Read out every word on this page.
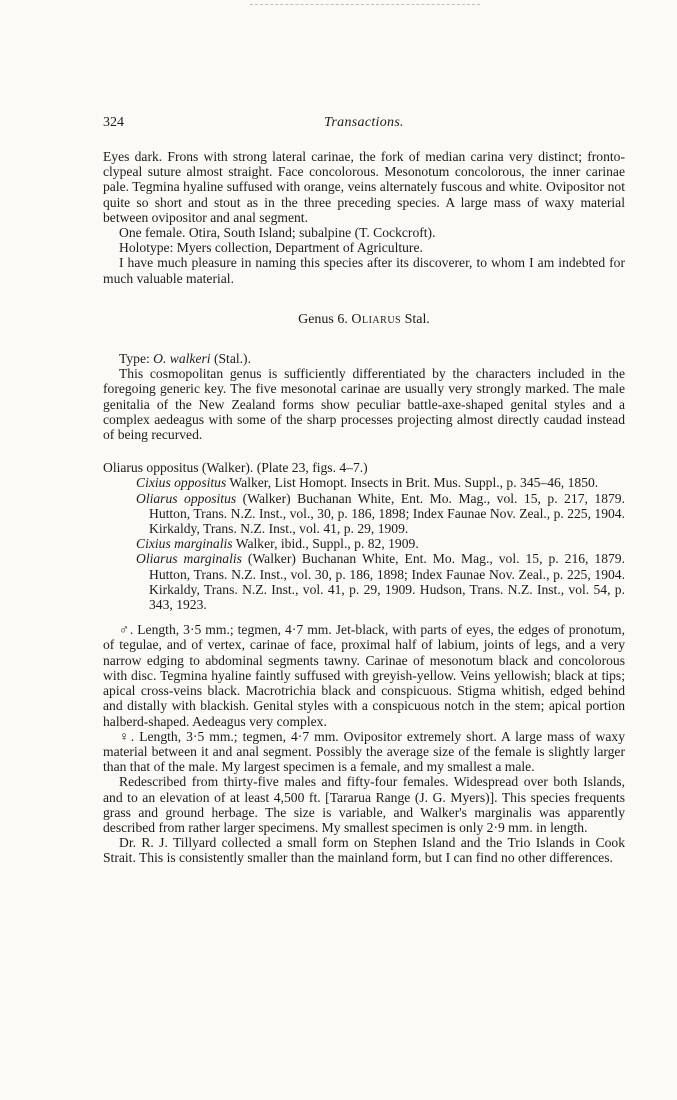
324	Transactions.

Eyes dark. Frons with strong lateral carinae, the fork of median carina very distinct; fronto-clypeal suture almost straight. Face concolorous. Mesonotum concolorous, the inner carinae pale. Tegmina hyaline suffused with orange, veins alternately fuscous and white. Ovipositor not quite so short and stout as in the three preceding species. A large mass of waxy material between ovipositor and anal segment.

One female. Otira, South Island; subalpine (T. Cockcroft).

Holotype: Myers collection, Department of Agriculture.

I have much pleasure in naming this species after its discoverer, to whom I am indebted for much valuable material.

Genus 6. Oliarus Stal.

Type: O. walkeri (Stal.).

This cosmopolitan genus is sufficiently differentiated by the characters included in the foregoing generic key. The five mesonotal carinae are usually very strongly marked. The male genitalia of the New Zealand forms show peculiar battle-axe-shaped genital styles and a complex aedeagus with some of the sharp processes projecting almost directly caudad instead of being recurved.

Oliarus oppositus (Walker). (Plate 23, figs. 4–7.)

Cixius oppositus Walker, List Homopt. Insects in Brit. Mus. Suppl., p. 345–46, 1850.

Oliarus oppositus (Walker) Buchanan White, Ent. Mo. Mag., vol. 15, p. 217, 1879. Hutton, Trans. N.Z. Inst., vol., 30, p. 186, 1898; Index Faunae Nov. Zeal., p. 225, 1904. Kirkaldy, Trans. N.Z. Inst., vol. 41, p. 29, 1909.

Cixius marginalis Walker, ibid., Suppl., p. 82, 1909.

Oliarus marginalis (Walker) Buchanan White, Ent. Mo. Mag., vol. 15, p. 216, 1879. Hutton, Trans. N.Z. Inst., vol. 30, p. 186, 1898; Index Faunae Nov. Zeal., p. 225, 1904. Kirkaldy, Trans. N.Z. Inst., vol. 41, p. 29, 1909. Hudson, Trans. N.Z. Inst., vol. 54, p. 343, 1923.

♂. Length, 3·5 mm.; tegmen, 4·7 mm. Jet-black, with parts of eyes, the edges of pronotum, of tegulae, and of vertex, carinae of face, proximal half of labium, joints of legs, and a very narrow edging to abdominal segments tawny. Carinae of mesonotum black and concolorous with disc. Tegmina hyaline faintly suffused with greyish-yellow. Veins yellowish; black at tips; apical cross-veins black. Macrotrichia black and conspicuous. Stigma whitish, edged behind and distally with blackish. Genital styles with a conspicuous notch in the stem; apical portion halberd-shaped. Aedeagus very complex.

♀. Length, 3·5 mm.; tegmen, 4·7 mm. Ovipositor extremely short. A large mass of waxy material between it and anal segment. Possibly the average size of the female is slightly larger than that of the male. My largest specimen is a female, and my smallest a male.

Redescribed from thirty-five males and fifty-four females. Widespread over both Islands, and to an elevation of at least 4,500 ft. [Tararua Range (J. G. Myers)]. This species frequents grass and ground herbage. The size is variable, and Walker's marginalis was apparently described from rather larger specimens. My smallest specimen is only 2·9 mm. in length.

Dr. R. J. Tillyard collected a small form on Stephen Island and the Trio Islands in Cook Strait. This is consistently smaller than the mainland form, but I can find no other differences.
